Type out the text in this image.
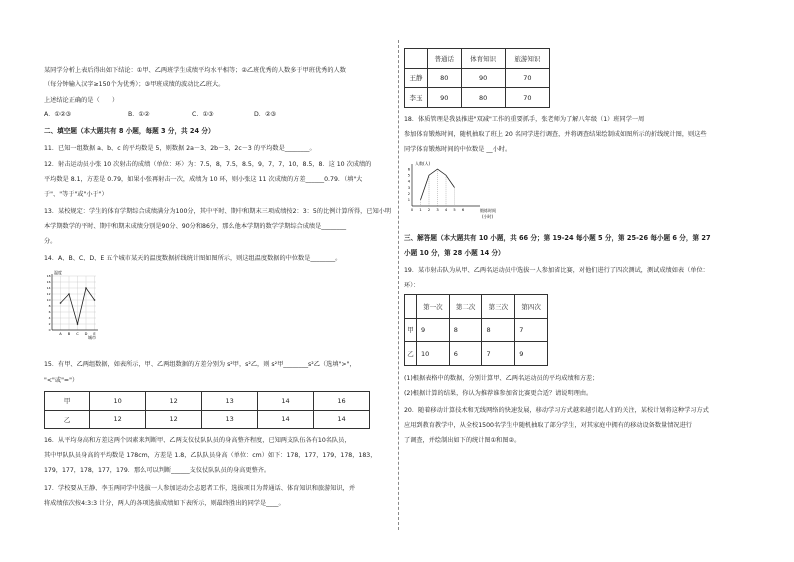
某同学分析上表后得出如下结论：①甲、乙两班学生成绩平均水平相等；②乙班优秀的人数多于甲班优秀的人数
（每分钟输入汉字≥150个为优秀）；③甲班成绩的波动比乙班大。
上述结论正确的是（　　）
A．①②③	B．①②	C．①③	D．②③
二、填空题（本大题共有 8 小题，每题 3 分，共 24 分）
11．已知一组数据 a、b、c 的平均数是 5，则数据 2a－3、2b－3、2c－3 的平均数是________。
12．射击运动员小张 10 次射击的成绩（单位：环）为：7.5，8，7.5，8.5，9，7，7，10，8.5，8．这 10 次成绩的
平均数是 8.1，方差是 0.79，如果小张再射击一次，成绩为 10 环，则小张这 11 次成绩的方差______0.79．（填"大
于"、"等于"或"小于"）
13．某校规定：学生的体育学期综合成绩满分为100分，其中平时、期中和期末三项成绩按2：3：5的比例计算所得，已知小明
本学期数学的平时、期中和期末成绩分别是90分、90分和86分，那么他本学期的数学学期综合成绩是________
分。
14．A、B、C、D、E 五个城市某天的温度数据折线统计图如图所示，则这组温度数据的中位数是________。
温度
城市
18
16
14
12
10
8
6
4
2
0
A B C D E
15．有甲、乙两组数据，如表所示，甲、乙两组数据的方差分别为 s²甲，s²乙，则 s²甲________s²乙（选填">"，
"<"或"="）
甲	10	12	13	14	16
乙	12	12	13	14	14
16．从平均身高和方差这两个因素来判断甲、乙两支仪仗队队员的身高整齐程度，已知两支队伍各有10名队员，
其中甲队队员身高的平均数是 178cm，方差是 1.8，乙队队员身高（单位：cm）如下：178，177，179，178，183，
179，177，178，177，179．那么可以判断______支仪仗队队员的身高更整齐。
17．学校要从王静、李玉两同学中选拔一人参加运动会志愿者工作，选拔项目为普通话、体育知识和旅游知识，并
将成绩依次按4:3:3 计分，两人的各项选拔成绩如下表所示，则最终胜出的同学是____。
	普通话	体育知识	旅游知识
王静	80	90	70
李玉	90	80	70
18．体质管理是我县推进"双减"工作的重要抓手，张老师为了解八年级（1）班同学一周
参加体育锻炼时间，随机抽取了班上 20 名同学进行调查，并将调查结果绘制成如图所示的折线统计图，则这些
同学体育锻炼时间的中位数是 __小时。
人数(人)
锻炼时间
(小时)
6
5
4
3
2
1
0 1 2 3 4 5 6
三、解答题（本大题共有 10 小题，共 66 分；第 19-24 每小题 5 分，第 25-26 每小题 6 分，第 27
小题 10 分，第 28 小题 14 分）
19．某市射击队为从甲、乙两名运动员中选拔一人参加省比赛，对他们进行了四次测试，测试成绩如表（单位：
环）：
	第一次	第二次	第三次	第四次
甲	9	8	8	7
乙	10	6	7	9
(1)根据表格中的数据，分别计算甲、乙两名运动员的平均成绩和方差；
(2)根据计算的结果，你认为推荐谁参加省比赛更合适？请说明理由。
20．随着移动计算技术和无线网络的快速发展，移动学习方式越来越引起人们的关注，某校计划将这种学习方式
应用到教育教学中，从全校1500名学生中随机抽取了部分学生，对其家庭中拥有的移动设备数量情况进行
了调查，并绘制出如下的统计图①和图②。
